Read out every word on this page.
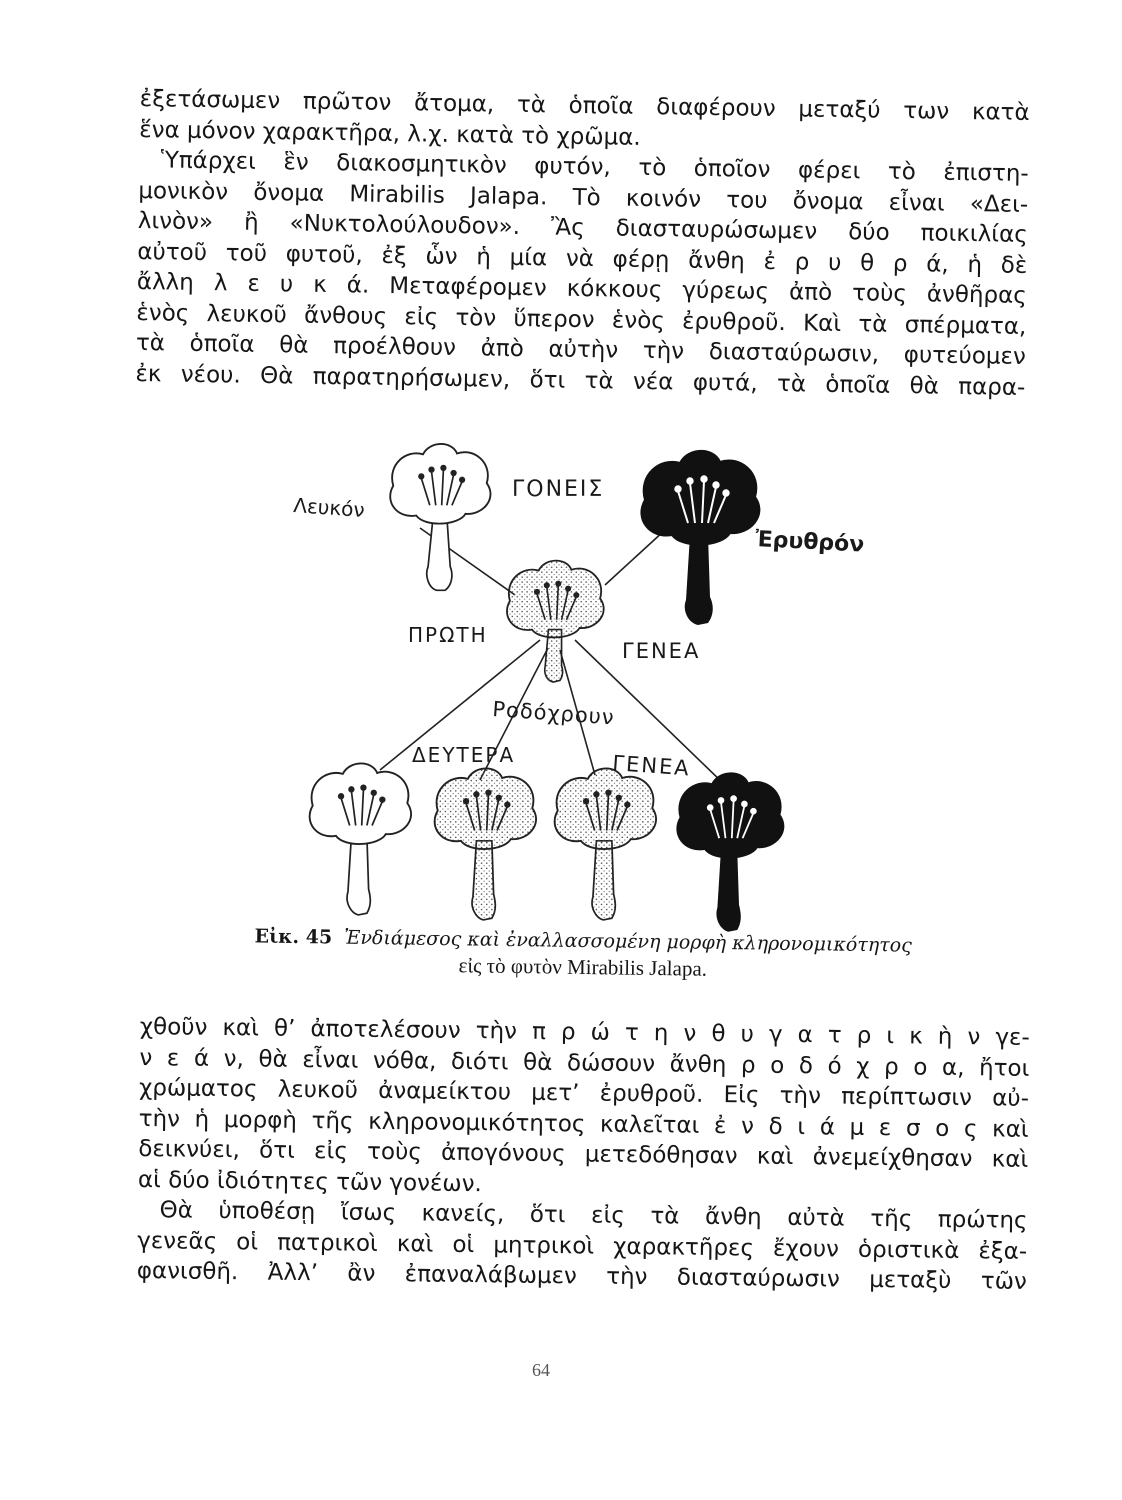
ἐξετάσωμεν πρῶτον ἄτομα, τὰ ὁποῖα διαφέρουν μεταξύ των κατὰ
ἕνα μόνον χαρακτῆρα, λ.χ. κατὰ τὸ χρῶμα.
Ὑπάρχει ἓν διακοσμητικὸν φυτόν, τὸ ὁποῖον φέρει τὸ ἐπιστη-
μονικὸν ὄνομα Mirabilis Jalapa. Τὸ κοινόν του ὄνομα εἶναι «Δει-
λινὸν» ἢ «Νυκτολούλουδον». Ἂς διασταυρώσωμεν δύο ποικιλίας
αὐτοῦ τοῦ φυτοῦ, ἐξ ὧν ἡ μία νὰ φέρῃ ἄνθη ἐ ρ υ θ ρ ά, ἡ δὲ
ἄλλη λ ε υ κ ά. Μεταφέρομεν κόκκους γύρεως ἀπὸ τοὺς ἀνθῆρας
ἑνὸς λευκοῦ ἄνθους εἰς τὸν ὕπερον ἑνὸς ἐρυθροῦ. Καὶ τὰ σπέρματα,
τὰ ὁποῖα θὰ προέλθουν ἀπὸ αὐτὴν τὴν διασταύρωσιν, φυτεύομεν
ἐκ νέου. Θὰ παρατηρήσωμεν, ὅτι τὰ νέα φυτά, τὰ ὁποῖα θὰ παρα-
Λευκόν
ΓΟΝΕΙΣ
Ἐρυθρόν
ΠΡΩΤΗ
ΓΕΝΕΑ
Ροδόχρουν
ΔΕΥΤΕΡΑ	ΓΕΝΕΑ
Εἰκ. 45 Ἐνδιάμεσος καὶ ἐναλλασσομένη μορφὴ κληρονομικότητος
εἰς τὸ φυτὸν Mirabilis Jalapa.
χθοῦν καὶ θ’ ἀποτελέσουν τὴν π ρ ώ τ η ν θ υ γ α τ ρ ι κ ὴ ν γε-
ν ε ά ν, θὰ εἶναι νόθα, διότι θὰ δώσουν ἄνθη ρ ο δ ό χ ρ ο α, ἤτοι
χρώματος λευκοῦ ἀναμείκτου μετ’ ἐρυθροῦ. Εἰς τὴν περίπτωσιν αὐ-
τὴν ἡ μορφὴ τῆς κληρονομικότητος καλεῖται ἐ ν δ ι ά μ ε σ ο ς καὶ
δεικνύει, ὅτι εἰς τοὺς ἀπογόνους μετεδόθησαν καὶ ἀνεμείχθησαν καὶ
αἱ δύο ἰδιότητες τῶν γονέων.
Θὰ ὑποθέσῃ ἴσως κανείς, ὅτι εἰς τὰ ἄνθη αὐτὰ τῆς πρώτης
γενεᾶς οἱ πατρικοὶ καὶ οἱ μητρικοὶ χαρακτῆρες ἔχουν ὁριστικὰ ἐξα-
φανισθῆ. Ἀλλ’ ἂν ἐπαναλάβωμεν τὴν διασταύρωσιν μεταξὺ τῶν
64
